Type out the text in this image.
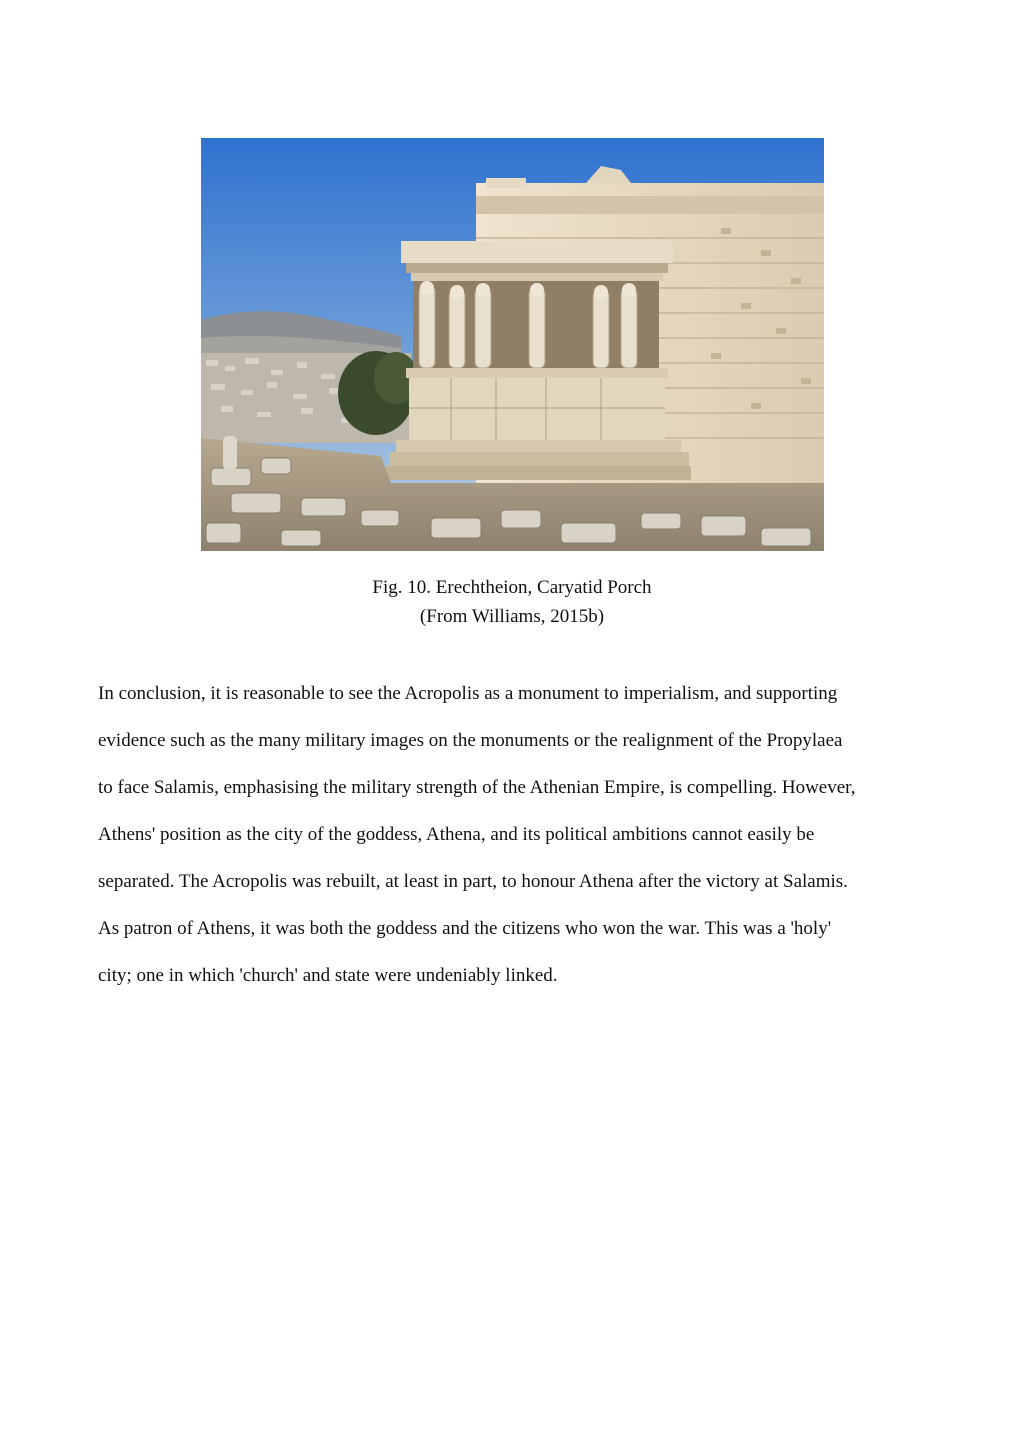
Fig. 10. Erechtheion, Caryatid Porch
(From Williams, 2015b)
In conclusion, it is reasonable to see the Acropolis as a monument to imperialism, and supporting
evidence such as the many military images on the monuments or the realignment of the Propylaea
to face Salamis, emphasising the military strength of the Athenian Empire, is compelling. However,
Athens' position as the city of the goddess, Athena, and its political ambitions cannot easily be
separated. The Acropolis was rebuilt, at least in part, to honour Athena after the victory at Salamis.
As patron of Athens, it was both the goddess and the citizens who won the war. This was a 'holy'
city; one in which 'church' and state were undeniably linked.
